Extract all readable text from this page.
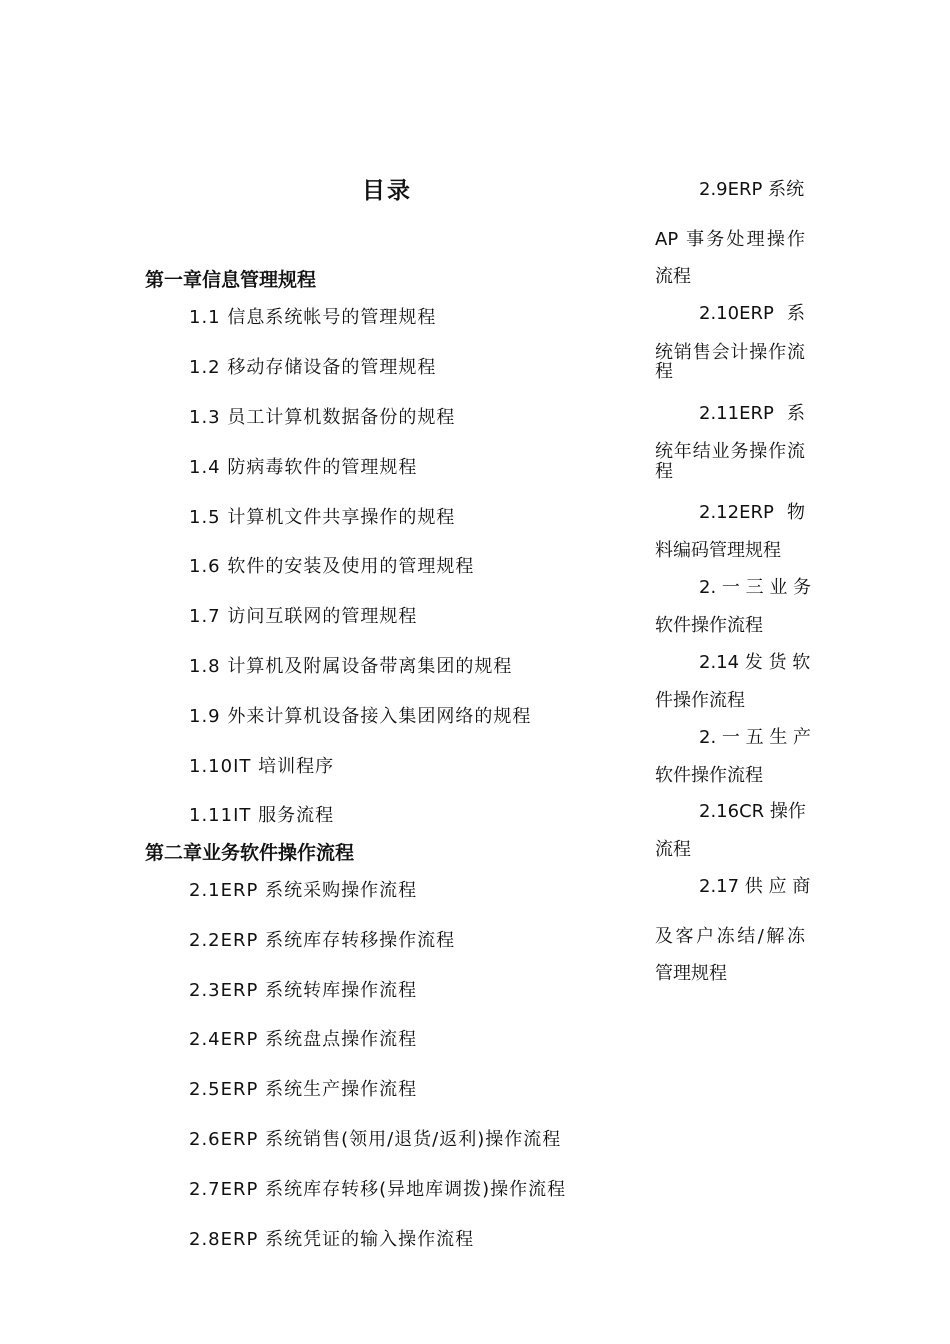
目录
第一章信息管理规程
1.1 信息系统帐号的管理规程
1.2 移动存储设备的管理规程
1.3 员工计算机数据备份的规程
1.4 防病毒软件的管理规程
1.5 计算机文件共享操作的规程
1.6 软件的安装及使用的管理规程
1.7 访问互联网的管理规程
1.8 计算机及附属设备带离集团的规程
1.9 外来计算机设备接入集团网络的规程
1.10IT 培训程序
1.11IT 服务流程
第二章业务软件操作流程
2.1ERP 系统采购操作流程
2.2ERP 系统库存转移操作流程
2.3ERP 系统转库操作流程
2.4ERP 系统盘点操作流程
2.5ERP 系统生产操作流程
2.6ERP 系统销售(领用/退货/返利)操作流程
2.7ERP 系统库存转移(异地库调拨)操作流程
2.8ERP 系统凭证的输入操作流程
2.9ERP 系统
AP 事务处理操作
流程
2.10ERP 系
统销售会计操作流
程
2.11ERP 系
统年结业务操作流
程
2.12ERP 物
料编码管理规程
2. 一 三 业 务
软件操作流程
2.14 发 货 软
件操作流程
2. 一 五 生 产
软件操作流程
2.16CR 操作
流程
2.17 供 应 商
及客户冻结/解冻
管理规程
